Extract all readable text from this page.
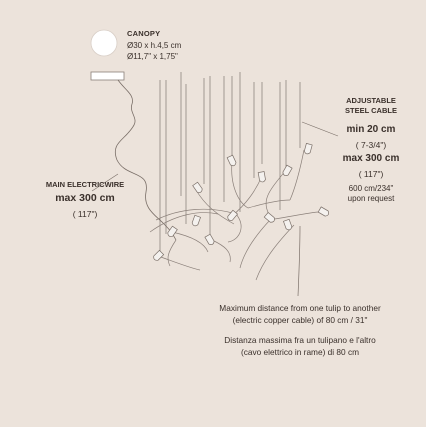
CANOPY
Ø30 x h.4,5 cm
Ø11,7" x 1,75"
MAIN ELECTRICWIRE
max 300 cm
( 117")
ADJUSTABLE
STEEL CABLE
min 20 cm
( 7-3/4")
max 300 cm
( 117")
600 cm/234"
upon request
Maximum distance from one tulip to another
(electric copper cable) of 80 cm / 31"
Distanza massima fra un tulipano e l'altro
(cavo elettrico in rame) di 80 cm
